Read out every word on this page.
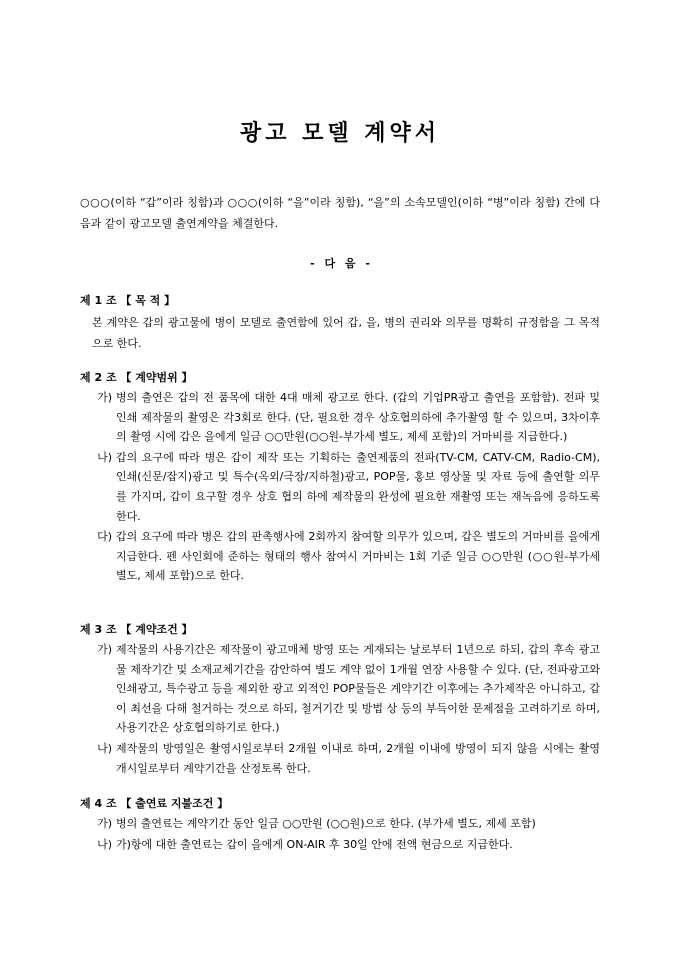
광고 모델 계약서
○○○(이하 “갑”이라 칭함)과 ○○○(이하 “을”이라 칭함), “을”의 소속모델인(이하 “병”이라 칭함) 간에 다음과 같이 광고모델 출연계약을 체결한다.
- 다 음 -
제 1 조 【 목 적 】
본 계약은 갑의 광고물에 병이 모델로 출연함에 있어 갑, 을, 병의 권리와 의무를 명확히 규정함을 그 목적으로 한다.
제 2 조 【 계약범위 】
가) 병의 출연은 갑의 전 품목에 대한 4대 매체 광고로 한다. (갑의 기업PR광고 출연을 포함함). 전파 및 인쇄 제작물의 촬영은 각3회로 한다. (단, 필요한 경우 상호협의하에 추가촬영 할 수 있으며, 3차이후의 촬영 시에 갑은 을에게 일금 ○○만원(○○원-부가세 별도, 제세 포함)의 거마비를 지급한다.)
나) 갑의 요구에 따라 병은 갑이 제작 또는 기획하는 출연제품의 전파(TV-CM, CATV-CM, Radio-CM), 인쇄(신문/잡지)광고 및 특수(옥외/극장/지하철)광고, POP물, 홍보 영상물 및 자료 등에 출연할 의무를 가지며, 갑이 요구할 경우 상호 협의 하에 제작물의 완성에 필요한 재촬영 또는 재녹음에 응하도록 한다.
다) 갑의 요구에 따라 병은 갑의 판촉행사에 2회까지 참여할 의무가 있으며, 갑은 별도의 거마비를 을에게 지급한다. 펜 사인회에 준하는 형태의 행사 참여시 거마비는 1회 기준 일금 ○○만원 (○○원-부가세 별도, 제세 포함)으로 한다.
제 3 조 【 계약조건 】
가) 제작물의 사용기간은 제작물이 광고매체 방영 또는 게재되는 날로부터 1년으로 하되, 갑의 후속 광고물 제작기간 및 소재교체기간을 감안하여 별도 계약 없이 1개월 연장 사용할 수 있다. (단, 전파광고와 인쇄광고, 특수광고 등을 제외한 광고 외적인 POP물들은 계약기간 이후에는 추가제작은 아니하고, 갑이 최선을 다해 철거하는 것으로 하되, 철거기간 및 방법 상 등의 부득이한 문제점을 고려하기로 하며, 사용기간은 상호협의하기로 한다.)
나) 제작물의 방영일은 촬영시일로부터 2개월 이내로 하며, 2개월 이내에 방영이 되지 않을 시에는 촬영 개시일로부터 계약기간을 산정토록 한다.
제 4 조 【 출연료 지불조건 】
가) 병의 출연료는 계약기간 동안 일금 ○○만원 (○○원)으로 한다. (부가세 별도, 제세 포함)
나) 가)항에 대한 출연료는 갑이 을에게 ON-AIR 후 30일 안에 전액 현금으로 지급한다.
